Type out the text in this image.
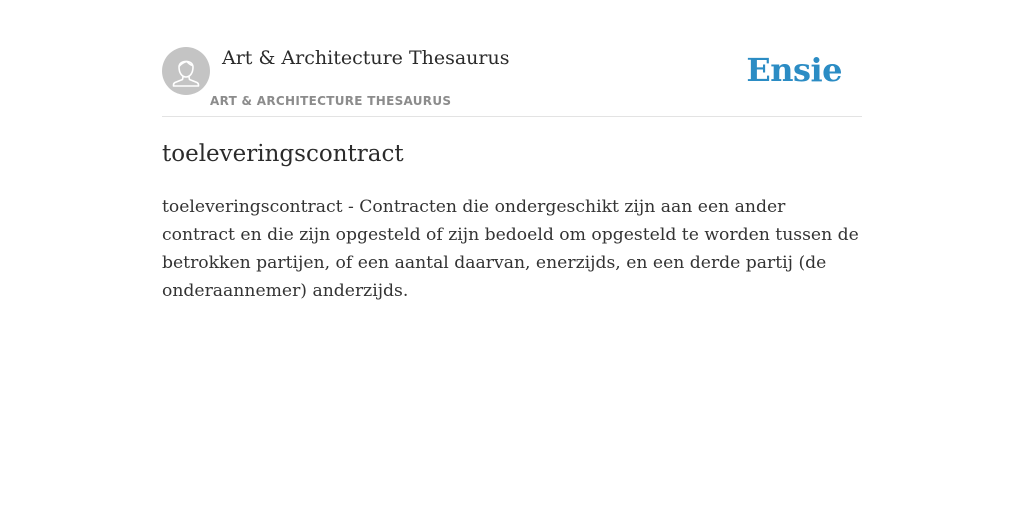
Art & Architecture Thesaurus
ART & ARCHITECTURE THESAURUS
Ensie
toeleveringscontract

toeleveringscontract - Contracten die ondergeschikt zijn aan een ander contract en die zijn opgesteld of zijn bedoeld om opgesteld te worden tussen de betrokken partijen, of een aantal daarvan, enerzijds, en een derde partij (de onderaannemer) anderzijds.
